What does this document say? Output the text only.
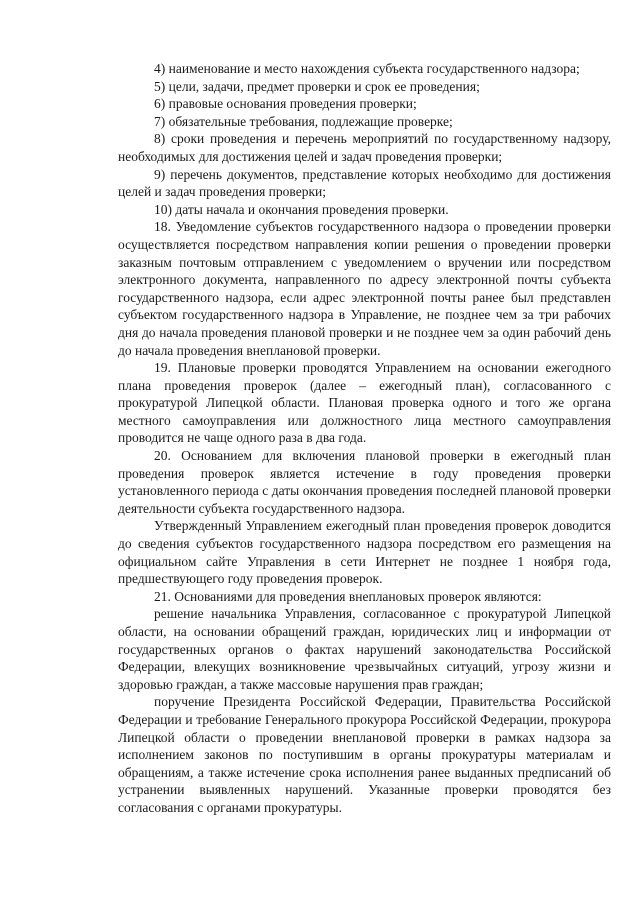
4) наименование и место нахождения субъекта государственного надзора;

5) цели, задачи, предмет проверки и срок ее проведения;

6) правовые основания проведения проверки;

7) обязательные требования, подлежащие проверке;

8) сроки проведения и перечень мероприятий по государственному надзору, необходимых для достижения целей и задач проведения проверки;

9) перечень документов, представление которых необходимо для достижения целей и задач проведения проверки;

10) даты начала и окончания проведения проверки.

18. Уведомление субъектов государственного надзора о проведении проверки осуществляется посредством направления копии решения о проведении проверки заказным почтовым отправлением с уведомлением о вручении или посредством электронного документа, направленного по адресу электронной почты субъекта государственного надзора, если адрес электронной почты ранее был представлен субъектом государственного надзора в Управление, не позднее чем за три рабочих дня до начала проведения плановой проверки и не позднее чем за один рабочий день до начала проведения внеплановой проверки.

19. Плановые проверки проводятся Управлением на основании ежегодного плана проведения проверок (далее – ежегодный план), согласованного с прокуратурой Липецкой области. Плановая проверка одного и того же органа местного самоуправления или должностного лица местного самоуправления проводится не чаще одного раза в два года.

20. Основанием для включения плановой проверки в ежегодный план проведения проверок является истечение в году проведения проверки установленного периода с даты окончания проведения последней плановой проверки деятельности субъекта государственного надзора.

Утвержденный Управлением ежегодный план проведения проверок доводится до сведения субъектов государственного надзора посредством его размещения на официальном сайте Управления в сети Интернет не позднее 1 ноября года, предшествующего году проведения проверок.

21. Основаниями для проведения внеплановых проверок являются:

решение начальника Управления, согласованное с прокуратурой Липецкой области, на основании обращений граждан, юридических лиц и информации от государственных органов о фактах нарушений законодательства Российской Федерации, влекущих возникновение чрезвычайных ситуаций, угрозу жизни и здоровью граждан, а также массовые нарушения прав граждан;

поручение Президента Российской Федерации, Правительства Российской Федерации и требование Генерального прокурора Российской Федерации, прокурора Липецкой области о проведении внеплановой проверки в рамках надзора за исполнением законов по поступившим в органы прокуратуры материалам и обращениям, а также истечение срока исполнения ранее выданных предписаний об устранении выявленных нарушений. Указанные проверки проводятся без согласования с органами прокуратуры.
